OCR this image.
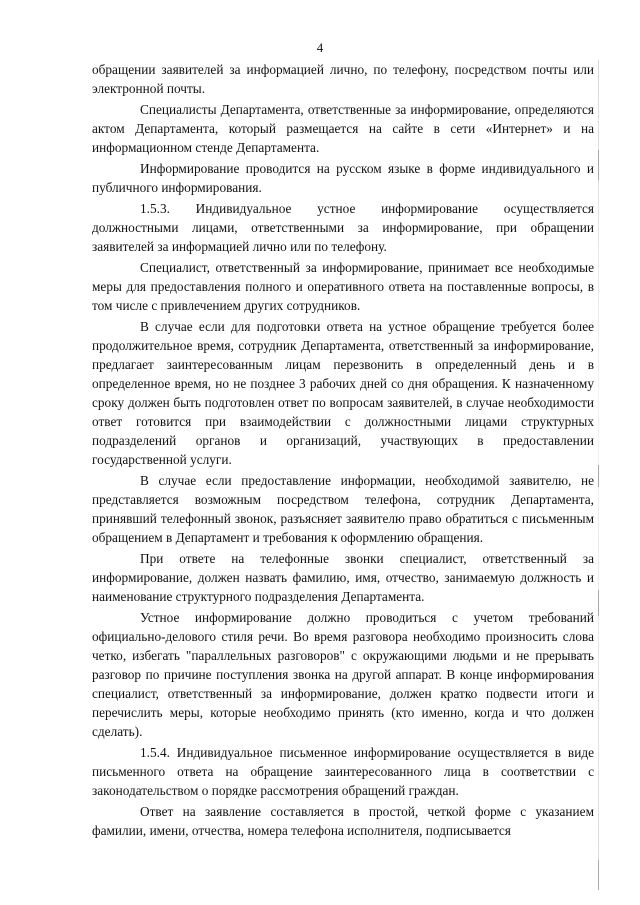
4

обращении заявителей за информацией лично, по телефону, посредством почты или электронной почты.

Специалисты Департамента, ответственные за информирование, определяются актом Департамента, который размещается на сайте в сети «Интернет» и на информационном стенде Департамента.

Информирование проводится на русском языке в форме индивидуального и публичного информирования.

1.5.3. Индивидуальное устное информирование осуществляется должностными лицами, ответственными за информирование, при обращении заявителей за информацией лично или по телефону.

Специалист, ответственный за информирование, принимает все необходимые меры для предоставления полного и оперативного ответа на поставленные вопросы, в том числе с привлечением других сотрудников.

В случае если для подготовки ответа на устное обращение требуется более продолжительное время, сотрудник Департамента, ответственный за информирование, предлагает заинтересованным лицам перезвонить в определенный день и в определенное время, но не позднее 3 рабочих дней со дня обращения. К назначенному сроку должен быть подготовлен ответ по вопросам заявителей, в случае необходимости ответ готовится при взаимодействии с должностными лицами структурных подразделений органов и организаций, участвующих в предоставлении государственной услуги.

В случае если предоставление информации, необходимой заявителю, не представляется возможным посредством телефона, сотрудник Департамента, принявший телефонный звонок, разъясняет заявителю право обратиться с письменным обращением в Департамент и требования к оформлению обращения.

При ответе на телефонные звонки специалист, ответственный за информирование, должен назвать фамилию, имя, отчество, занимаемую должность и наименование структурного подразделения Департамента.

Устное информирование должно проводиться с учетом требований официально-делового стиля речи. Во время разговора необходимо произносить слова четко, избегать "параллельных разговоров" с окружающими людьми и не прерывать разговор по причине поступления звонка на другой аппарат. В конце информирования специалист, ответственный за информирование, должен кратко подвести итоги и перечислить меры, которые необходимо принять (кто именно, когда и что должен сделать).

1.5.4. Индивидуальное письменное информирование осуществляется в виде письменного ответа на обращение заинтересованного лица в соответствии с законодательством о порядке рассмотрения обращений граждан.

Ответ на заявление составляется в простой, четкой форме с указанием фамилии, имени, отчества, номера телефона исполнителя, подписывается
